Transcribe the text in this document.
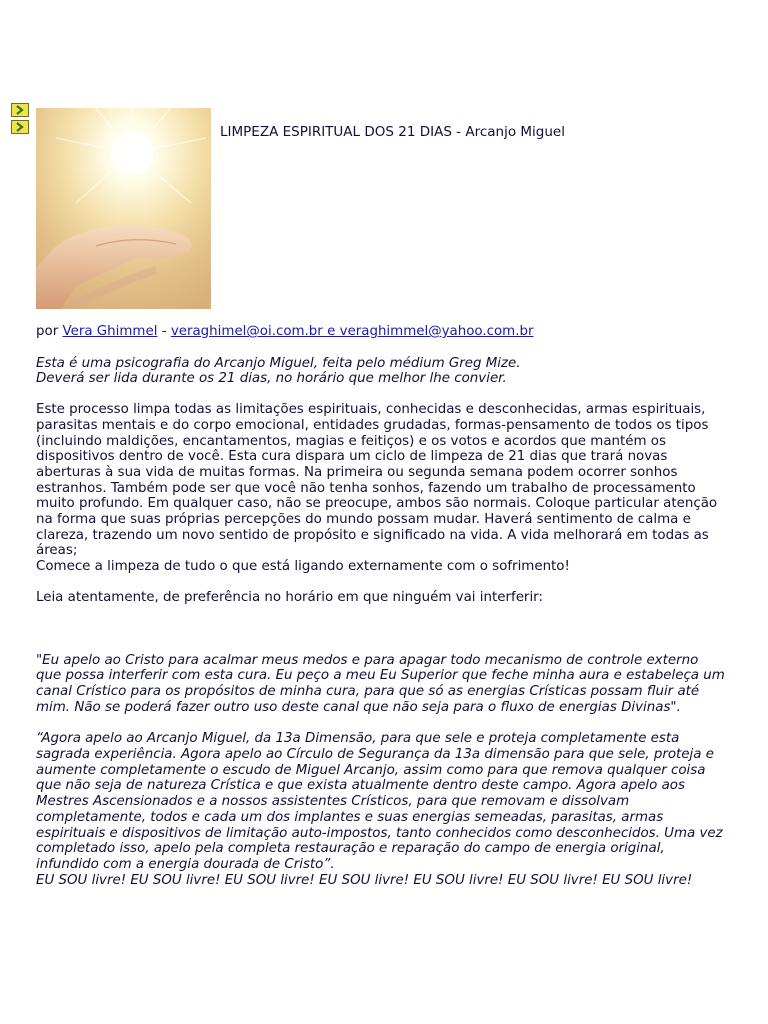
LIMPEZA ESPIRITUAL DOS 21 DIAS - Arcanjo Miguel

por Vera Ghimmel - veraghimel@oi.com.br e veraghimmel@yahoo.com.br

Esta é uma psicografia do Arcanjo Miguel, feita pelo médium Greg Mize.
Deverá ser lida durante os 21 dias, no horário que melhor lhe convier.

Este processo limpa todas as limitações espirituais, conhecidas e desconhecidas, armas espirituais, parasitas mentais e do corpo emocional, entidades grudadas, formas-pensamento de todos os tipos (incluindo maldições, encantamentos, magias e feitiços) e os votos e acordos que mantém os dispositivos dentro de você. Esta cura dispara um ciclo de limpeza de 21 dias que trará novas aberturas à sua vida de muitas formas. Na primeira ou segunda semana podem ocorrer sonhos estranhos. Também pode ser que você não tenha sonhos, fazendo um trabalho de processamento muito profundo. Em qualquer caso, não se preocupe, ambos são normais. Coloque particular atenção na forma que suas próprias percepções do mundo possam mudar. Haverá sentimento de calma e clareza, trazendo um novo sentido de propósito e significado na vida. A vida melhorará em todas as áreas;
Comece a limpeza de tudo o que está ligando externamente com o sofrimento!

Leia atentamente, de preferência no horário em que ninguém vai interferir:

"Eu apelo ao Cristo para acalmar meus medos e para apagar todo mecanismo de controle externo que possa interferir com esta cura. Eu peço a meu Eu Superior que feche minha aura e estabeleça um canal Crístico para os propósitos de minha cura, para que só as energias Crísticas possam fluir até mim. Não se poderá fazer outro uso deste canal que não seja para o fluxo de energias Divinas".

“Agora apelo ao Arcanjo Miguel, da 13a Dimensão, para que sele e proteja completamente esta sagrada experiência. Agora apelo ao Círculo de Segurança da 13a dimensão para que sele, proteja e aumente completamente o escudo de Miguel Arcanjo, assim como para que remova qualquer coisa que não seja de natureza Crística e que exista atualmente dentro deste campo. Agora apelo aos Mestres Ascensionados e a nossos assistentes Crísticos, para que removam e dissolvam completamente, todos e cada um dos implantes e suas energias semeadas, parasitas, armas espirituais e dispositivos de limitação auto-impostos, tanto conhecidos como desconhecidos. Uma vez completado isso, apelo pela completa restauração e reparação do campo de energia original, infundido com a energia dourada de Cristo”.
EU SOU livre! EU SOU livre! EU SOU livre! EU SOU livre! EU SOU livre! EU SOU livre! EU SOU livre!
